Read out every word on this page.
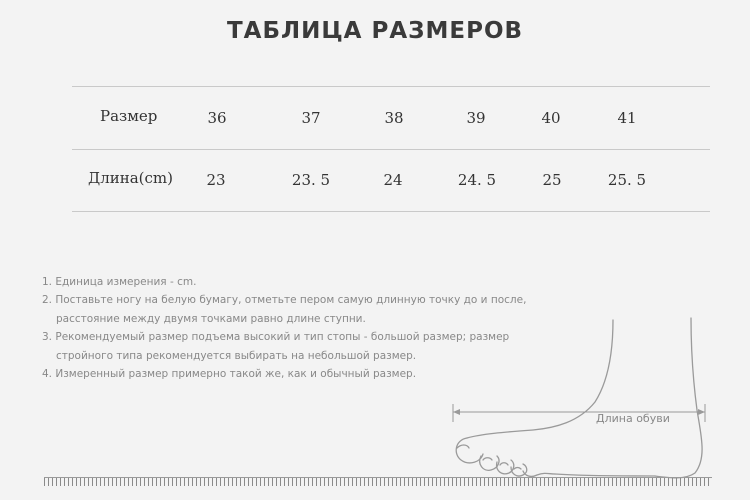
ТАБЛИЦА РАЗМЕРОВ
Размер	36	37	38	39	40	41
Длина(cm) 23	23. 5	24	24. 5	25	25. 5
1. Единица измерения - cm.
2. Поставьте ногу на белую бумагу, отметьте пером самую длинную точку до и после,
расстояние между двумя точками равно длине ступни.
3. Рекомендуемый размер подъема высокий и тип стопы - большой размер; размер
стройного типа рекомендуется выбирать на небольшой размер.
4. Измеренный размер примерно такой же, как и обычный размер.
Длина обуви
